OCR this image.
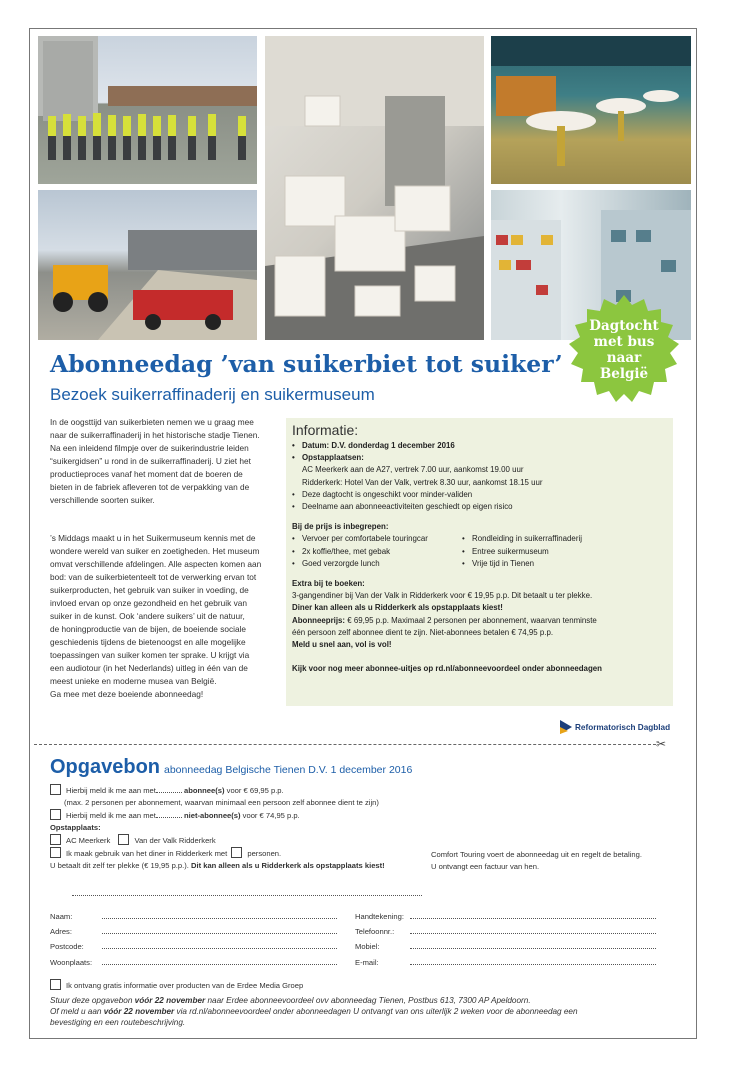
Dagtocht
met bus
naar
België
Abonneedag ’van suikerbiet tot suiker’
Bezoek suikerraffinaderij en suikermuseum

In de oogsttijd van suikerbieten nemen we u graag mee

naar de suikerraffinaderij in het historische stadje Tienen.

Na een inleidend filmpje over de suikerindustrie leiden

“suikergidsen” u rond in de suikerraffinaderij. U ziet het

productieproces vanaf het moment dat de boeren de

bieten in de fabriek afleveren tot de verpakking van de

verschillende soorten suiker.

’s Middags maakt u in het Suikermuseum kennis met de

wondere wereld van suiker en zoetigheden. Het museum

omvat verschillende afdelingen. Alle aspecten komen aan

bod: van de suikerbietenteelt tot de verwerking ervan tot

suikerproducten, het gebruik van suiker in voeding, de

invloed ervan op onze gezondheid en het gebruik van

suiker in de kunst. Ook ‘andere suikers’ uit de natuur,

de honingproductie van de bijen, de boeiende sociale

geschiedenis tijdens de bietenoogst en alle mogelijke

toepassingen van suiker komen ter sprake. U krijgt via

een audiotour (in het Nederlands) uitleg in één van de

meest unieke en moderne musea van België.

Ga mee met deze boeiende abonneedag!

Informatie:
• Datum: D.V. donderdag 1 december 2016
• Opstapplaatsen:
AC Meerkerk aan de A27, vertrek 7.00 uur, aankomst 19.00 uur
Ridderkerk: Hotel Van der Valk, vertrek 8.30 uur, aankomst 18.15 uur
• Deze dagtocht is ongeschikt voor minder-validen
• Deelname aan abonneeactiviteiten geschiedt op eigen risico
Bij de prijs is inbegrepen:
• Vervoer per comfortabele touringcar
• 2x koffie/thee, met gebak
• Goed verzorgde lunch
• Rondleiding in suikerraffinaderij
• Entree suikermuseum
• Vrije tijd in Tienen
Extra bij te boeken:
3-gangendiner bij Van der Valk in Ridderkerk voor € 19,95 p.p. Dit betaalt u ter plekke.
Diner kan alleen als u Ridderkerk als opstapplaats kiest!
Abonneeprijs: € 69,95 p.p. Maximaal 2 personen per abonnement, waarvan tenminste
één persoon zelf abonnee dient te zijn. Niet-abonnees betalen € 74,95 p.p.
Meld u snel aan, vol is vol!
Kijk voor nog meer abonnee-uitjes op rd.nl/abonneevoordeel onder abonneedagen
Reformatorisch Dagblad
✂
Opgavebon abonneedag Belgische Tienen D.V. 1 december 2016
Hierbij meld ik me aan met	abonnee(s) voor € 69,95 p.p.
(max. 2 personen per abonnement, waarvan minimaal een persoon zelf abonnee dient te zijn)
Hierbij meld ik me aan met	niet-abonnee(s) voor € 74,95 p.p.
Opstapplaats:
AC Meerkerk	Van der Valk Ridderkerk
Ik maak gebruik van het diner in Ridderkerk met	personen.
U betaalt dit zelf ter plekke (€ 19,95 p.p.). Dit kan alleen als u Ridderkerk als opstapplaats kiest!
Comfort Touring voert de abonneedag uit en regelt de betaling.
U ontvangt een factuur van hen.
Naam:
Adres:
Postcode:
Woonplaats:
Handtekening:
Telefoonnr.:
Mobiel:
E-mail:
Ik ontvang gratis informatie over producten van de Erdee Media Groep
Stuur deze opgavebon vóór 22 november naar Erdee abonneevoordeel ovv abonneedag Tienen, Postbus 613, 7300 AP Apeldoorn.
Of meld u aan vóór 22 november via rd.nl/abonneevoordeel onder abonneedagen U ontvangt van ons uiterlijk 2 weken voor de abonneedag een
bevestiging en een routebeschrijving.
